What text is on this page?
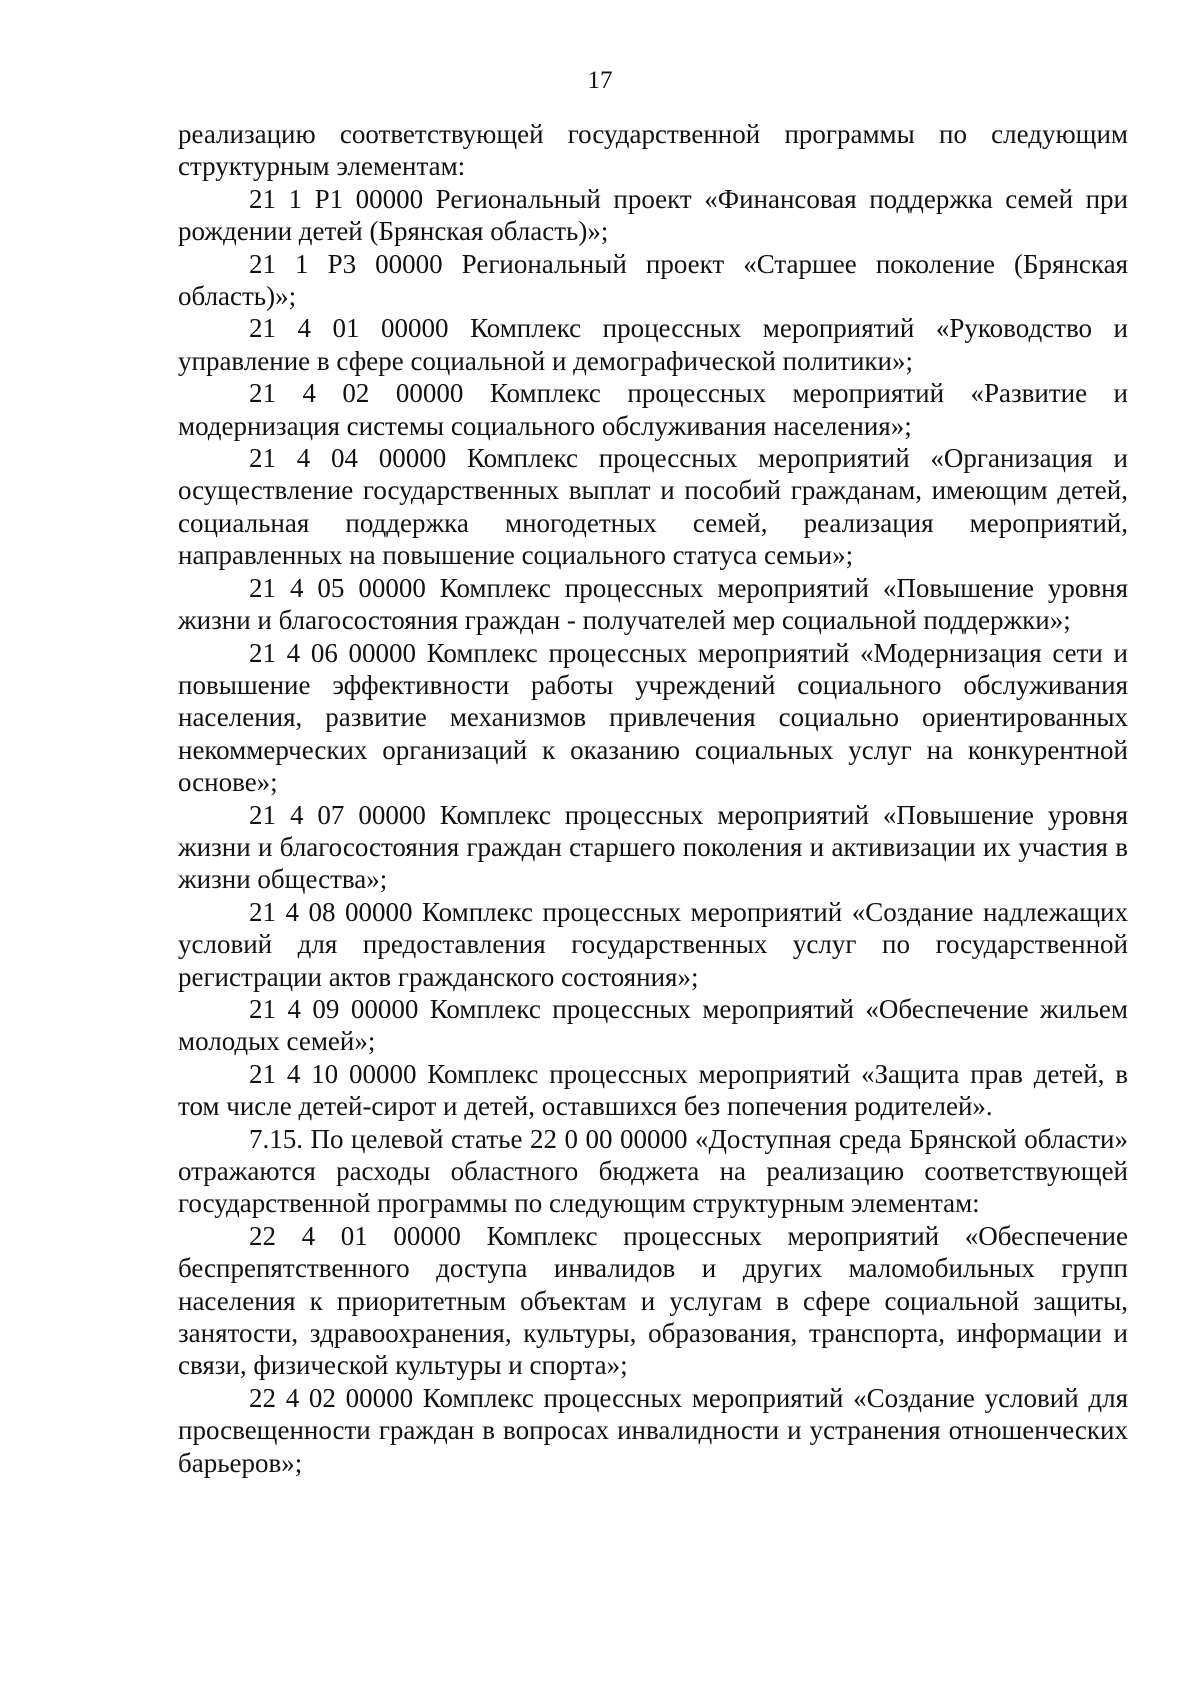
17

реализацию соответствующей государственной программы по следующим структурным элементам:

21 1 Р1 00000 Региональный проект «Финансовая поддержка семей при рождении детей (Брянская область)»;

21 1 Р3 00000 Региональный проект «Старшее поколение (Брянская область)»;

21 4 01 00000 Комплекс процессных мероприятий «Руководство и управление в сфере социальной и демографической политики»;

21 4 02 00000 Комплекс процессных мероприятий «Развитие и модернизация системы социального обслуживания населения»;

21 4 04 00000 Комплекс процессных мероприятий «Организация и осуществление государственных выплат и пособий гражданам, имеющим детей, социальная поддержка многодетных семей, реализация мероприятий, направленных на повышение социального статуса семьи»;

21 4 05 00000 Комплекс процессных мероприятий «Повышение уровня жизни и благосостояния граждан - получателей мер социальной поддержки»;

21 4 06 00000 Комплекс процессных мероприятий «Модернизация сети и повышение эффективности работы учреждений социального обслуживания населения, развитие механизмов привлечения социально ориентированных некоммерческих организаций к оказанию социальных услуг на конкурентной основе»;

21 4 07 00000 Комплекс процессных мероприятий «Повышение уровня жизни и благосостояния граждан старшего поколения и активизации их участия в жизни общества»;

21 4 08 00000 Комплекс процессных мероприятий «Создание надлежащих условий для предоставления государственных услуг по государственной регистрации актов гражданского состояния»;

21 4 09 00000 Комплекс процессных мероприятий «Обеспечение жильем молодых семей»;

21 4 10 00000 Комплекс процессных мероприятий «Защита прав детей, в том числе детей-сирот и детей, оставшихся без попечения родителей».

7.15. По целевой статье 22 0 00 00000 «Доступная среда Брянской области» отражаются расходы областного бюджета на реализацию соответствующей государственной программы по следующим структурным элементам:

22 4 01 00000 Комплекс процессных мероприятий «Обеспечение беспрепятственного доступа инвалидов и других маломобильных групп населения к приоритетным объектам и услугам в сфере социальной защиты, занятости, здравоохранения, культуры, образования, транспорта, информации и связи, физической культуры и спорта»;

22 4 02 00000 Комплекс процессных мероприятий «Создание условий для просвещенности граждан в вопросах инвалидности и устранения отношенческих барьеров»;
